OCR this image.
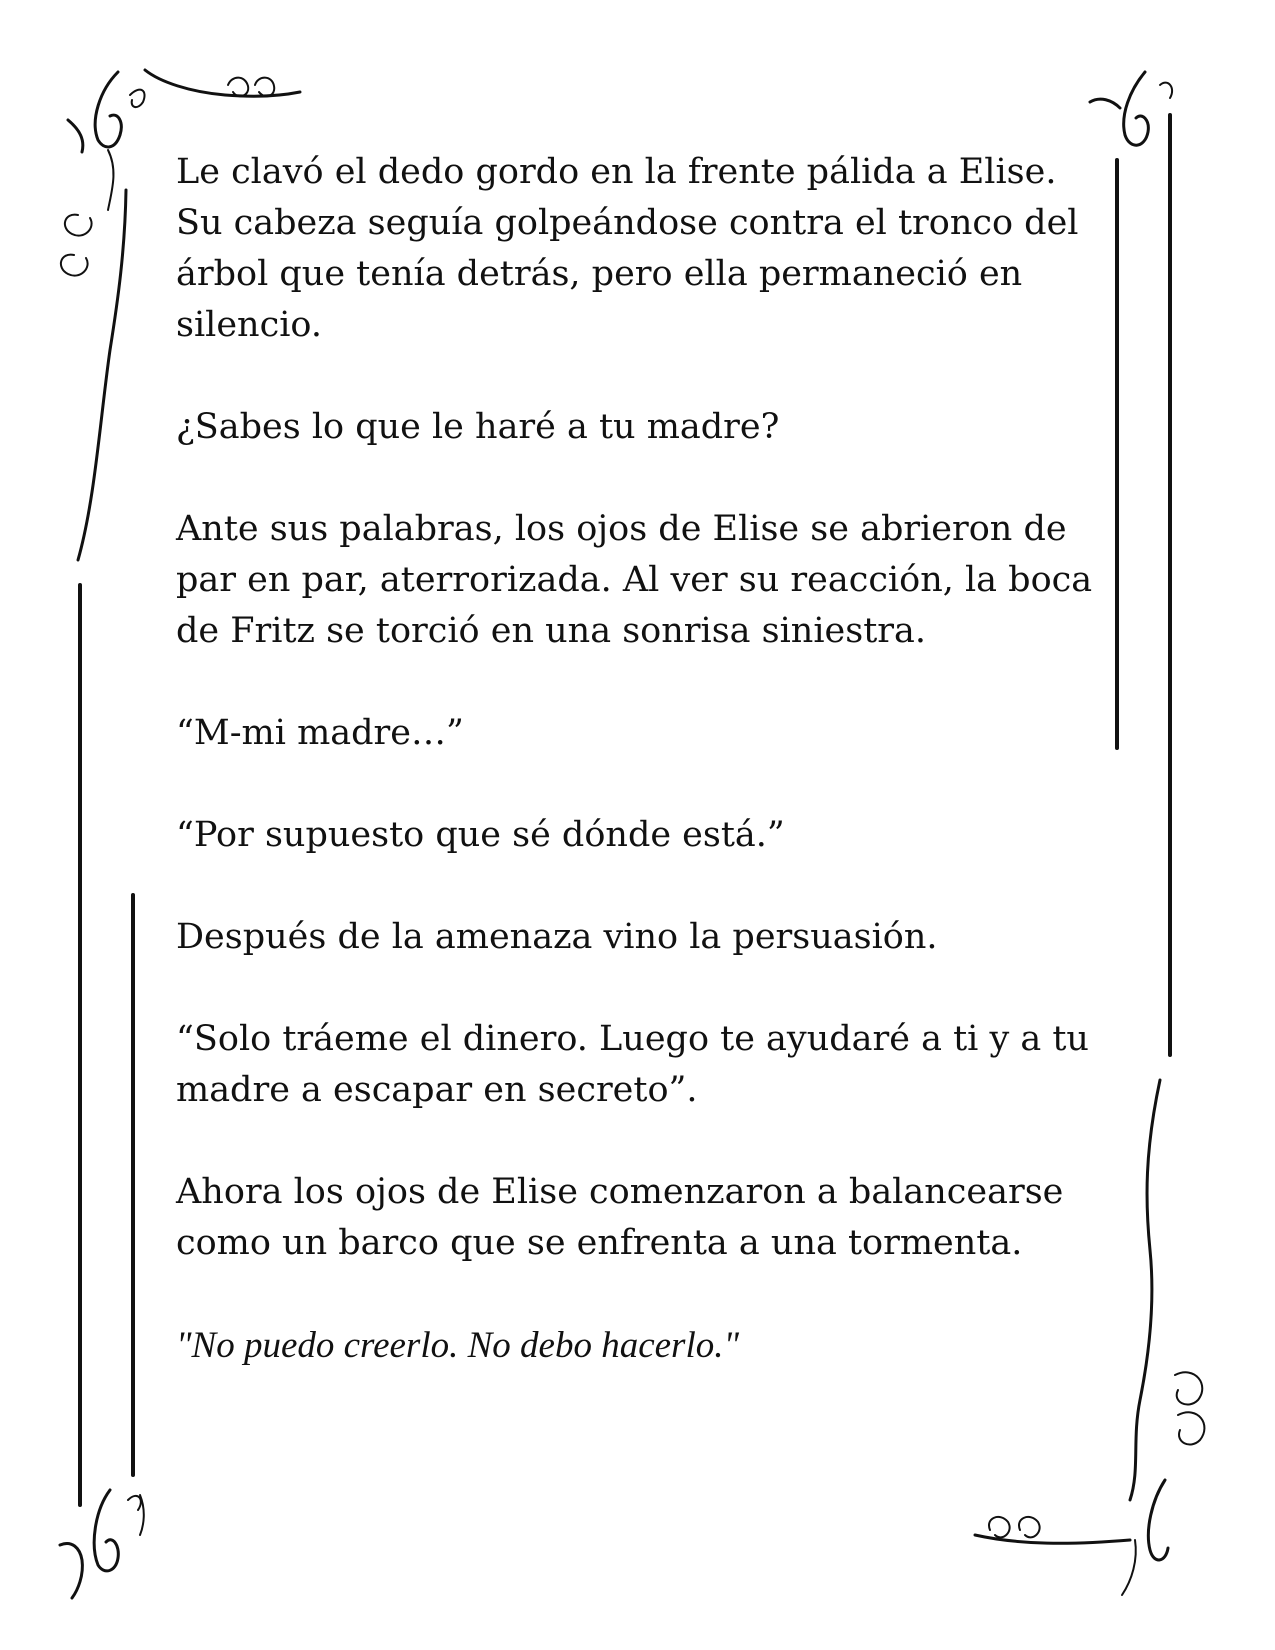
Le clavó el dedo gordo en la frente pálida a Elise. Su cabeza seguía golpeándose contra el tronco del árbol que tenía detrás, pero ella permaneció en silencio.

¿Sabes lo que le haré a tu madre?

Ante sus palabras, los ojos de Elise se abrieron de par en par, aterrorizada. Al ver su reacción, la boca de Fritz se torció en una sonrisa siniestra.

“M-mi madre…”

“Por supuesto que sé dónde está.”

Después de la amenaza vino la persuasión.

“Solo tráeme el dinero. Luego te ayudaré a ti y a tu madre a escapar en secreto”.

Ahora los ojos de Elise comenzaron a balancearse como un barco que se enfrenta a una tormenta.

"No puedo creerlo. No debo hacerlo."
